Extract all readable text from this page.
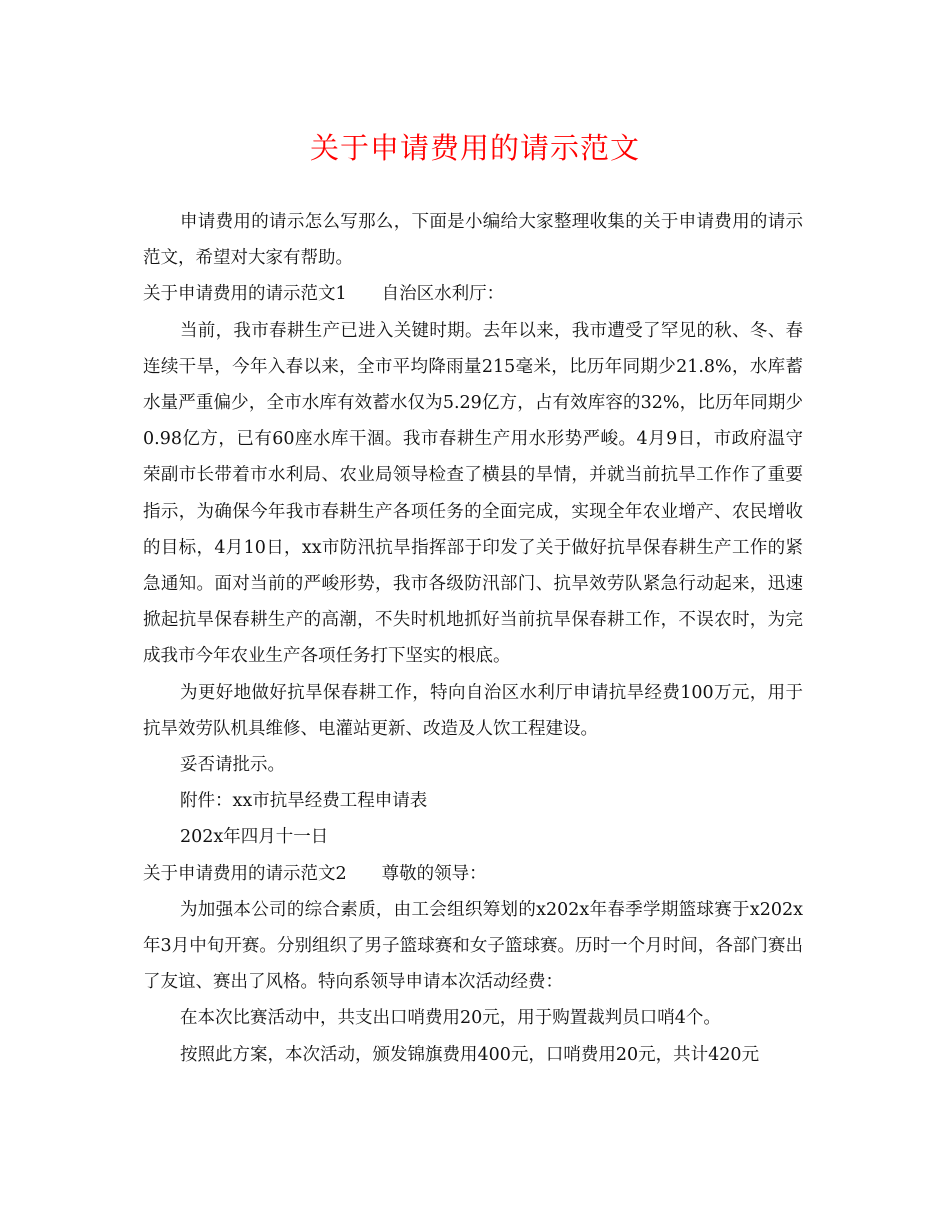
关于申请费用的请示范文

申请费用的请示怎么写那么，下面是小编给大家整理收集的关于申请费用的请示范文，希望对大家有帮助。

关于申请费用的请示范文1 自治区水利厅：

当前，我市春耕生产已进入关键时期。去年以来，我市遭受了罕见的秋、冬、春连续干旱，今年入春以来，全市平均降雨量215毫米，比历年同期少21.8%，水库蓄水量严重偏少，全市水库有效蓄水仅为5.29亿方，占有效库容的32%，比历年同期少0.98亿方，已有60座水库干涸。我市春耕生产用水形势严峻。4月9日，市政府温守荣副市长带着市水利局、农业局领导检查了横县的旱情，并就当前抗旱工作作了重要指示，为确保今年我市春耕生产各项任务的全面完成，实现全年农业增产、农民增收的目标，4月10日，xx市防汛抗旱指挥部于印发了关于做好抗旱保春耕生产工作的紧急通知。面对当前的严峻形势，我市各级防汛部门、抗旱效劳队紧急行动起来，迅速掀起抗旱保春耕生产的高潮，不失时机地抓好当前抗旱保春耕工作，不误农时，为完成我市今年农业生产各项任务打下坚实的根底。

为更好地做好抗旱保春耕工作，特向自治区水利厅申请抗旱经费100万元，用于抗旱效劳队机具维修、电灌站更新、改造及人饮工程建设。

妥否请批示。

附件：xx市抗旱经费工程申请表

202x年四月十一日

关于申请费用的请示范文2 尊敬的领导：

为加强本公司的综合素质，由工会组织筹划的x202x年春季学期篮球赛于x202x年3月中旬开赛。分别组织了男子篮球赛和女子篮球赛。历时一个月时间，各部门赛出了友谊、赛出了风格。特向系领导申请本次活动经费：

在本次比赛活动中，共支出口哨费用20元，用于购置裁判员口哨4个。

按照此方案，本次活动，颁发锦旗费用400元，口哨费用20元，共计420元
